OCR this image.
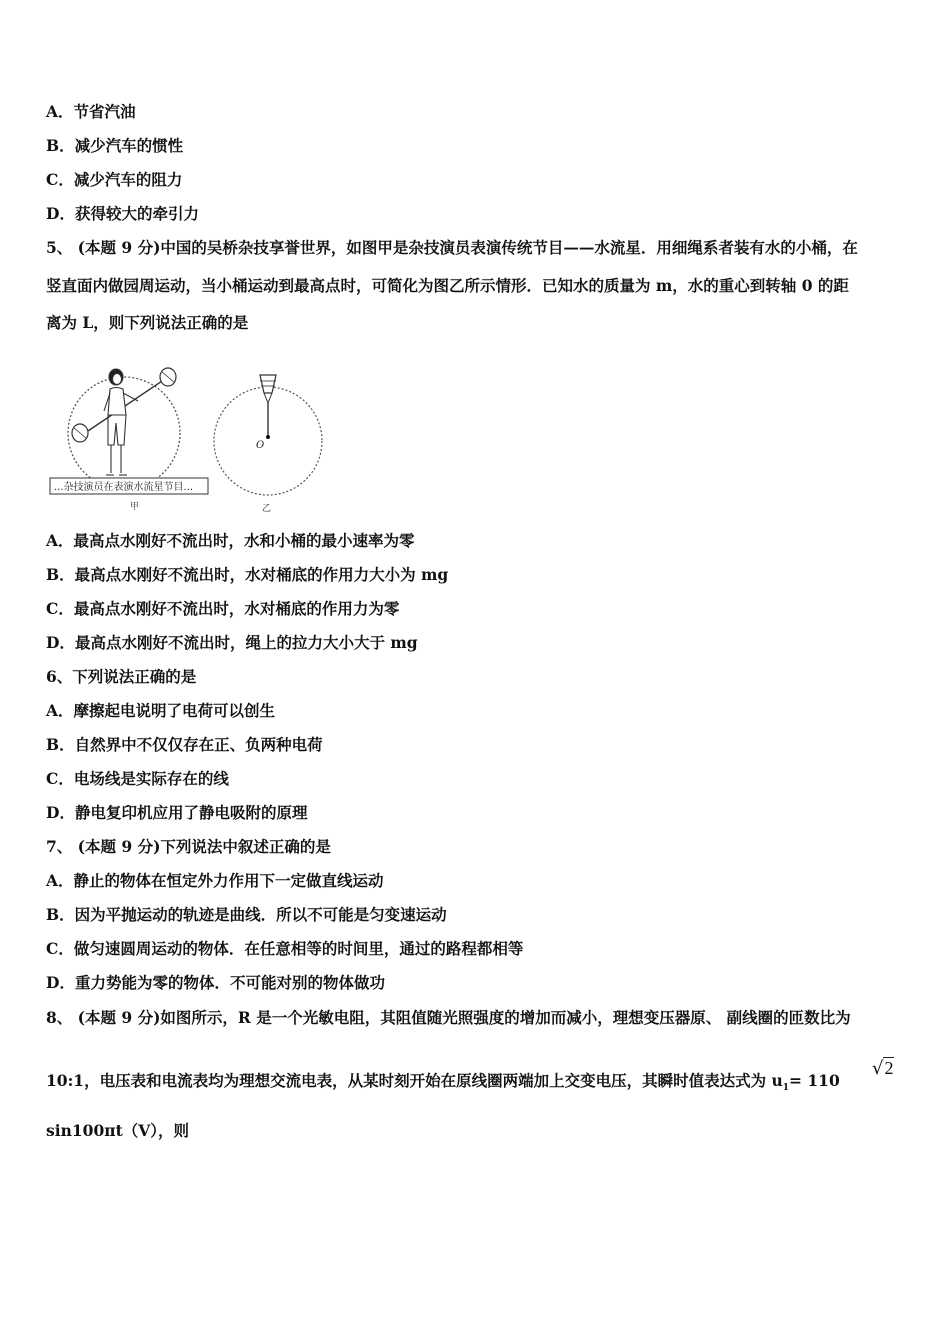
A．节省汽油
B．减少汽车的惯性
C．减少汽车的阻力
D．获得较大的牵引力
5、 (本题 9 分)中国的吴桥杂技享誉世界，如图甲是杂技演员表演传统节目——水流星．用细绳系者装有水的小桶，在
竖直面内做园周运动，当小桶运动到最高点时，可简化为图乙所示情形．已知水的质量为 m，水的重心到转轴 0 的距
离为 L，则下列说法正确的是
...杂技演员在表演水流星节目...
甲
O
乙
A．最高点水刚好不流出时，水和小桶的最小速率为零
B．最高点水刚好不流出时，水对桶底的作用力大小为 mg
C．最高点水刚好不流出时，水对桶底的作用力为零
D．最高点水刚好不流出时，绳上的拉力大小大于 mg
6、下列说法正确的是
A．摩擦起电说明了电荷可以创生
B．自然界中不仅仅存在正、负两种电荷
C．电场线是实际存在的线
D．静电复印机应用了静电吸附的原理
7、 (本题 9 分)下列说法中叙述正确的是
A．静止的物体在恒定外力作用下一定做直线运动
B．因为平抛运动的轨迹是曲线．所以不可能是匀变速运动
C．做匀速圆周运动的物体．在任意相等的时间里，通过的路程都相等
D．重力势能为零的物体．不可能对别的物体做功
8、 (本题 9 分)如图所示，R 是一个光敏电阻，其阻值随光照强度的增加而减小，理想变压器原、 副线圈的匝数比为
10:1，电压表和电流表均为理想交流电表，从某时刻开始在原线圈两端加上交变电压，其瞬时值表达式为 $u_1= 110$
√2
sin100πt（V），则
